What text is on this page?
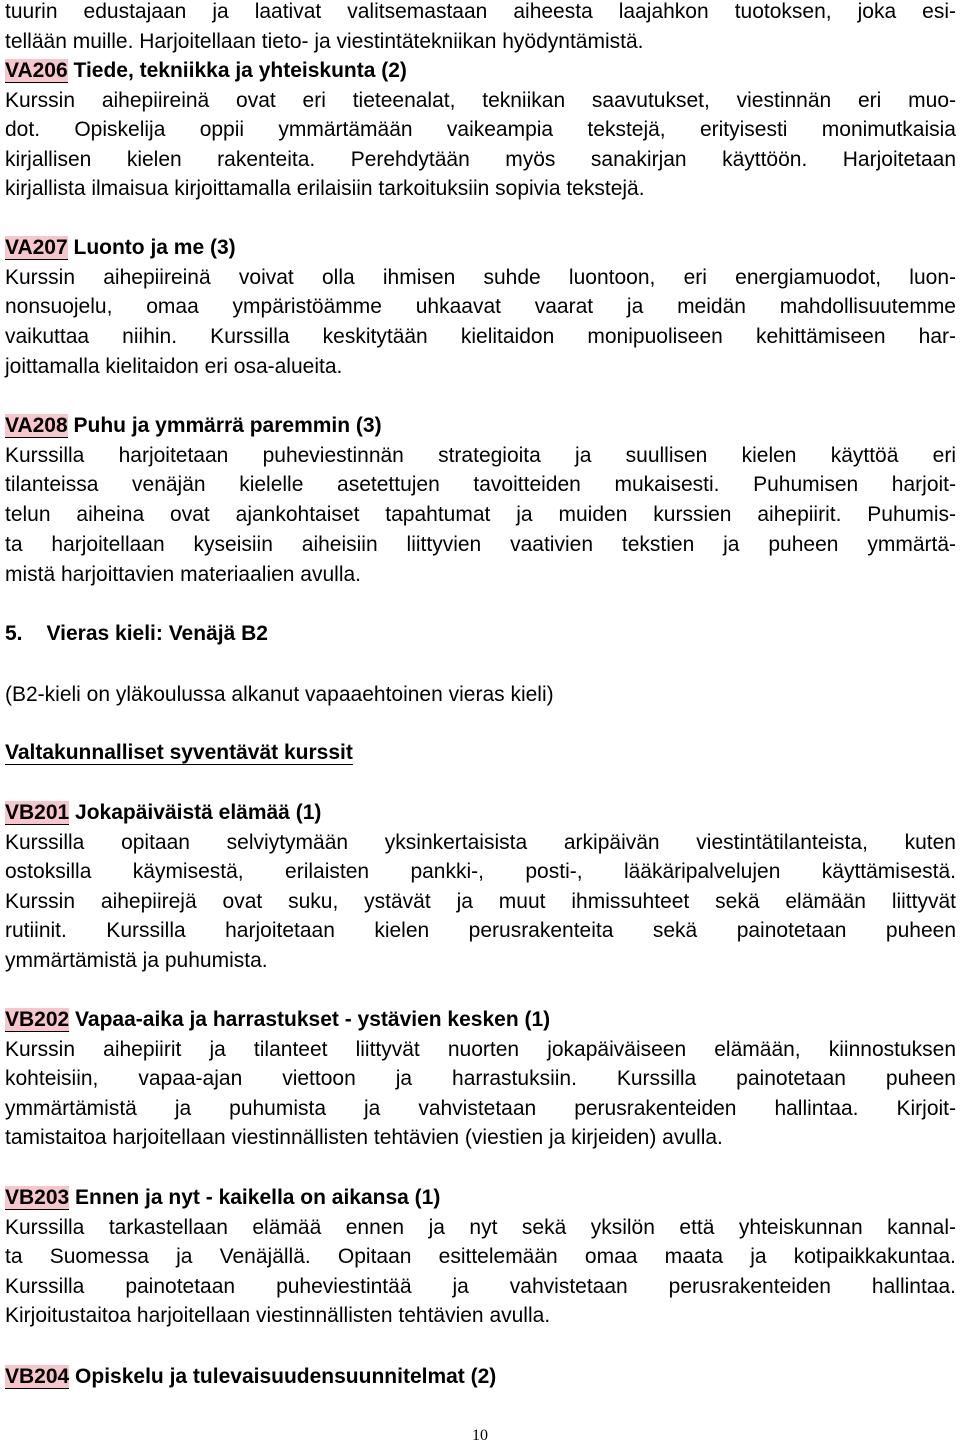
tuurin edustajaan ja laativat valitsemastaan aiheesta laajahkon tuotoksen, joka esi-
tellään muille. Harjoitellaan tieto- ja viestintätekniikan hyödyntämistä.
VA206 Tiede, tekniikka ja yhteiskunta (2)
Kurssin aihepiireinä ovat eri tieteenalat, tekniikan saavutukset, viestinnän eri muo-
dot. Opiskelija oppii ymmärtämään vaikeampia tekstejä, erityisesti monimutkaisia
kirjallisen kielen rakenteita. Perehdytään myös sanakirjan käyttöön. Harjoitetaan
kirjallista ilmaisua kirjoittamalla erilaisiin tarkoituksiin sopivia tekstejä.
VA207 Luonto ja me (3)
Kurssin aihepiireinä voivat olla ihmisen suhde luontoon, eri energiamuodot, luon-
nonsuojelu, omaa ympäristöämme uhkaavat vaarat ja meidän mahdollisuutemme
vaikuttaa niihin. Kurssilla keskitytään kielitaidon monipuoliseen kehittämiseen har-
joittamalla kielitaidon eri osa-alueita.
VA208 Puhu ja ymmärrä paremmin (3)
Kurssilla harjoitetaan puheviestinnän strategioita ja suullisen kielen käyttöä eri
tilanteissa venäjän kielelle asetettujen tavoitteiden mukaisesti. Puhumisen harjoit-
telun aiheina ovat ajankohtaiset tapahtumat ja muiden kurssien aihepiirit. Puhumis-
ta harjoitellaan kyseisiin aiheisiin liittyvien vaativien tekstien ja puheen ymmärtä-
mistä harjoittavien materiaalien avulla.
5. Vieras kieli: Venäjä B2
(B2-kieli on yläkoulussa alkanut vapaaehtoinen vieras kieli)
Valtakunnalliset syventävät kurssit
VB201 Jokapäiväistä elämää (1)
Kurssilla opitaan selviytymään yksinkertaisista arkipäivän viestintätilanteista, kuten
ostoksilla käymisestä, erilaisten pankki-, posti-, lääkäripalvelujen käyttämisestä.
Kurssin aihepiirejä ovat suku, ystävät ja muut ihmissuhteet sekä elämään liittyvät
rutiinit. Kurssilla harjoitetaan kielen perusrakenteita sekä painotetaan puheen
ymmärtämistä ja puhumista.
VB202 Vapaa-aika ja harrastukset - ystävien kesken (1)
Kurssin aihepiirit ja tilanteet liittyvät nuorten jokapäiväiseen elämään, kiinnostuksen
kohteisiin, vapaa-ajan viettoon ja harrastuksiin. Kurssilla painotetaan puheen
ymmärtämistä ja puhumista ja vahvistetaan perusrakenteiden hallintaa. Kirjoit-
tamistaitoa harjoitellaan viestinnällisten tehtävien (viestien ja kirjeiden) avulla.
VB203 Ennen ja nyt - kaikella on aikansa (1)
Kurssilla tarkastellaan elämää ennen ja nyt sekä yksilön että yhteiskunnan kannal-
ta Suomessa ja Venäjällä. Opitaan esittelemään omaa maata ja kotipaikkakuntaa.
Kurssilla painotetaan puheviestintää ja vahvistetaan perusrakenteiden hallintaa.
Kirjoitustaitoa harjoitellaan viestinnällisten tehtävien avulla.
VB204 Opiskelu ja tulevaisuudensuunnitelmat (2)
10
